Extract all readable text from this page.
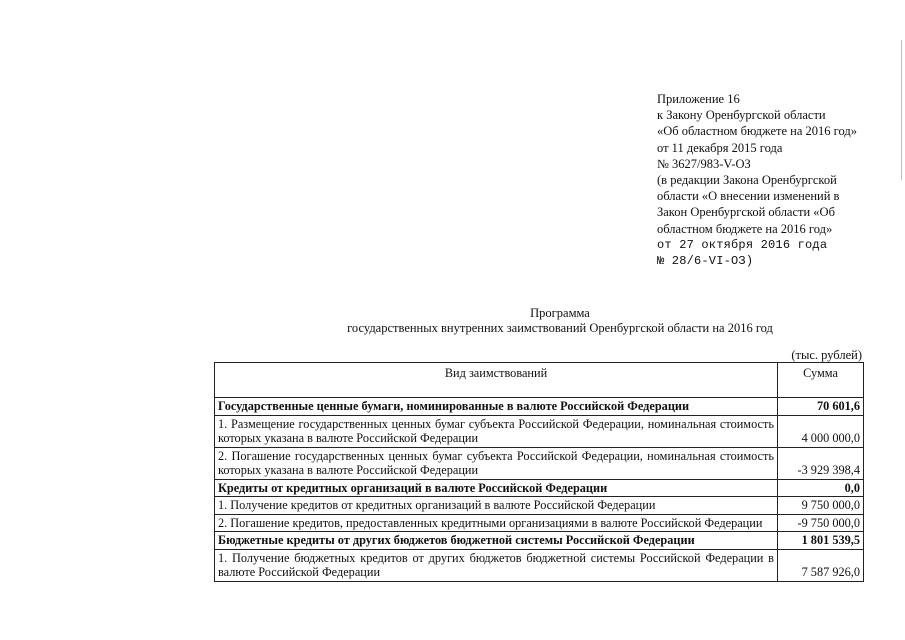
Приложение 16
к Закону Оренбургской области
«Об областном бюджете на 2016 год»
от 11 декабря 2015 года
№ 3627/983-V-ОЗ
(в редакции Закона Оренбургской
области «О внесении изменений в
Закон Оренбургской области «Об
областном бюджете на 2016 год»
от 27 октября 2016 года
№ 28/6-VI-ОЗ)
Программа
государственных внутренних заимствований Оренбургской области на 2016 год
(тыс. рублей)
Вид заимствований	Сумма
Государственные ценные бумаги, номинированные в валюте Российской Федерации	70 601,6
1. Размещение государственных ценных бумаг субъекта Российской Федерации, номинальная стоимость которых указана в валюте Российской Федерации	4 000 000,0
2. Погашение государственных ценных бумаг субъекта Российской Федерации, номинальная стоимость которых указана в валюте Российской Федерации	-3 929 398,4
Кредиты от кредитных организаций в валюте Российской Федерации	0,0
1. Получение кредитов от кредитных организаций в валюте Российской Федерации	9 750 000,0
2. Погашение кредитов, предоставленных кредитными организациями в валюте Российской Федерации	-9 750 000,0
Бюджетные кредиты от других бюджетов бюджетной системы Российской Федерации	1 801 539,5
1. Получение бюджетных кредитов от других бюджетов бюджетной системы Российской Федерации в валюте Российской Федерации	7 587 926,0
